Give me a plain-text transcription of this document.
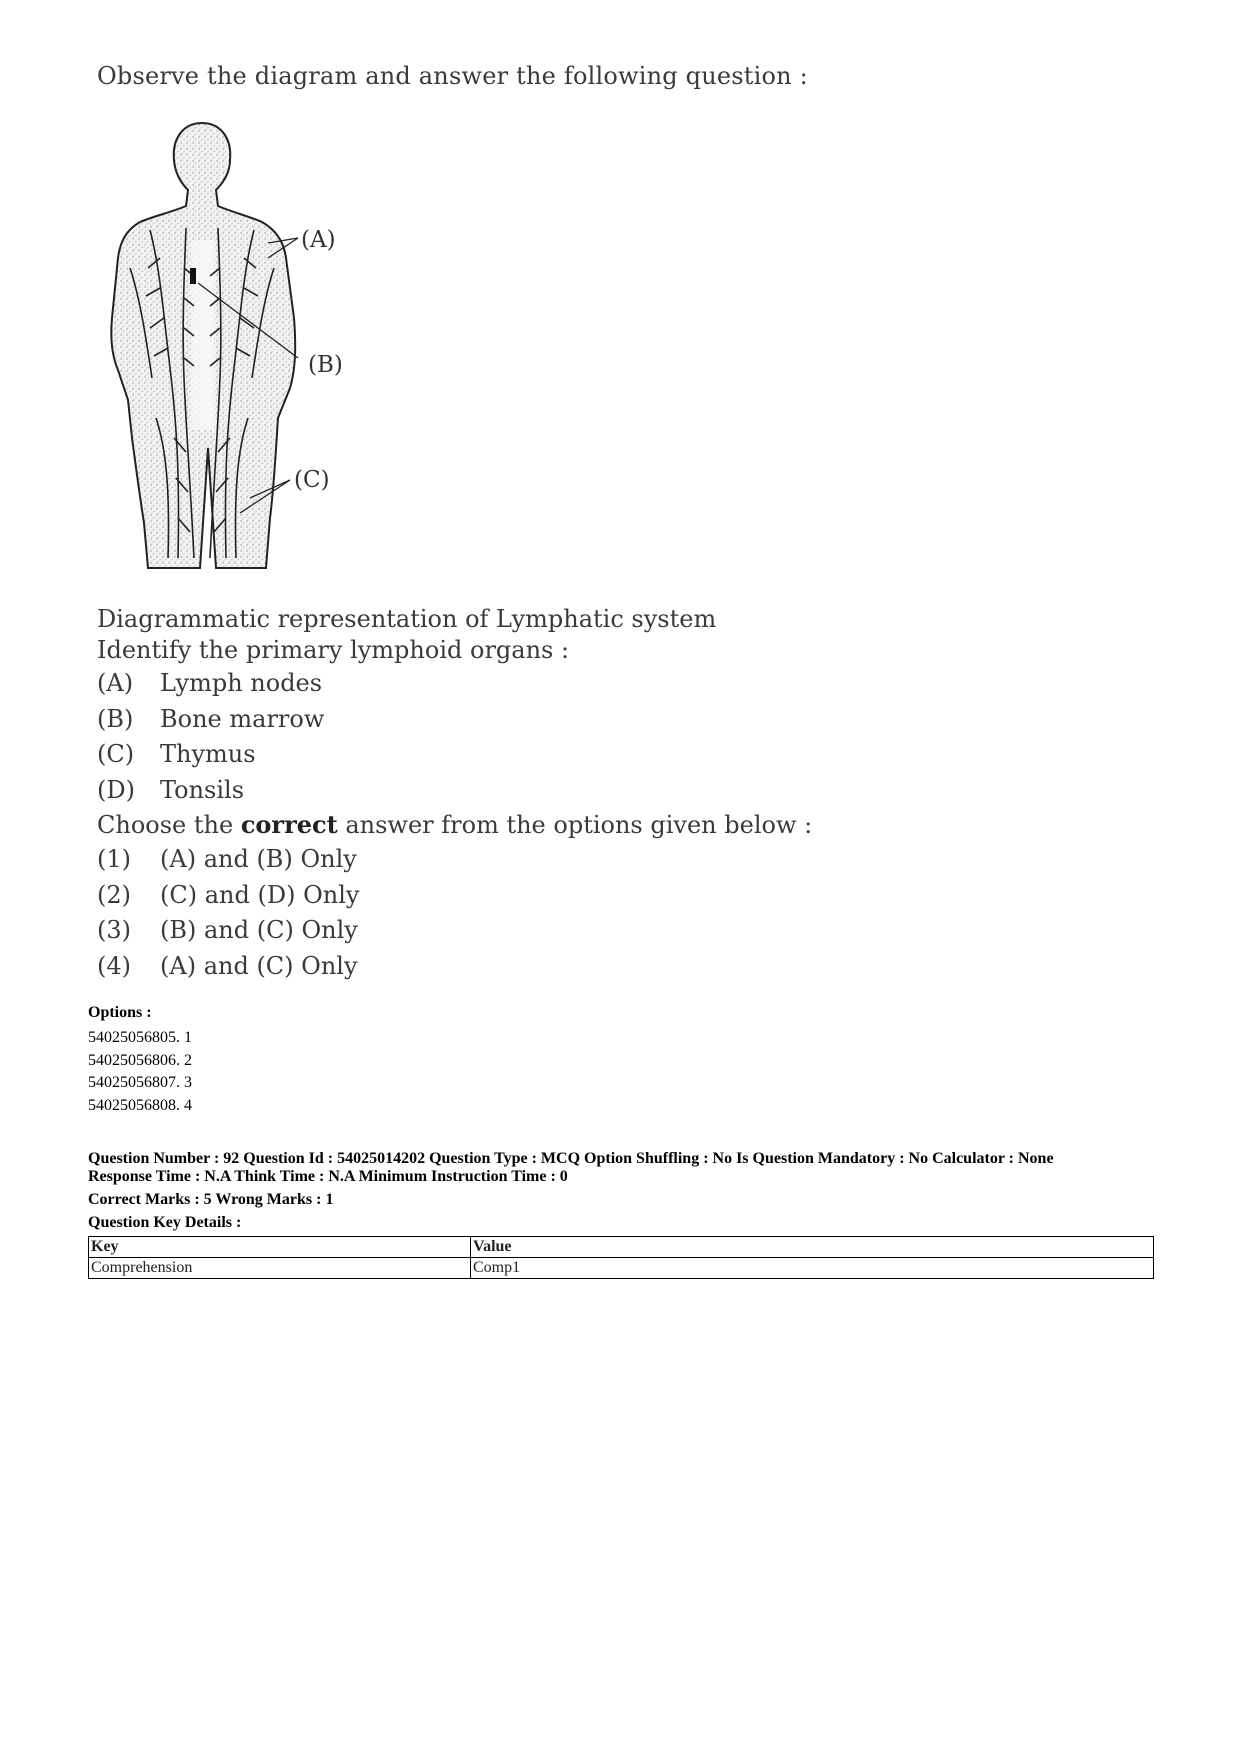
Observe the diagram and answer the following question :
(A)
(B)
(C)
Diagrammatic representation of Lymphatic system
Identify the primary lymphoid organs :
(A) Lymph nodes
(B) Bone marrow
(C) Thymus
(D) Tonsils
Choose the correct answer from the options given below :
(1) (A) and (B) Only
(2) (C) and (D) Only
(3) (B) and (C) Only
(4) (A) and (C) Only
Options :
54025056805. 1
54025056806. 2
54025056807. 3
54025056808. 4
Question Number : 92 Question Id : 54025014202 Question Type : MCQ Option Shuffling : No Is Question Mandatory : No Calculator : None
Response Time : N.A Think Time : N.A Minimum Instruction Time : 0
Correct Marks : 5 Wrong Marks : 1
Question Key Details :
Key	Value
Comprehension	Comp1
